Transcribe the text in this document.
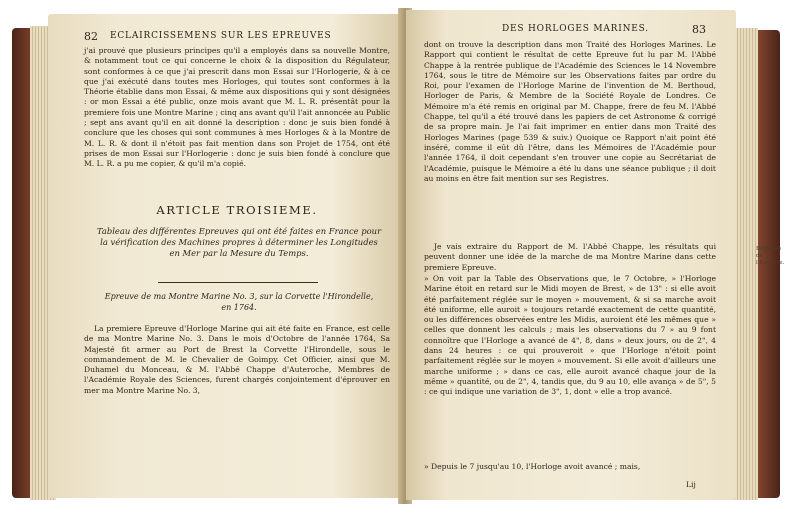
82 ECLAIRCISSEMENS SUR LES EPREUVES

j'ai prouvé que plusieurs principes qu'il a employés dans sa nouvelle Montre, & notamment tout ce qui concerne le choix & la disposition du Régulateur, sont conformes à ce que j'ai prescrit dans mon Essai sur l'Horlogerie, & à ce que j'ai exécuté dans toutes mes Horloges, qui toutes sont conformes à la Théorie établie dans mon Essai, & même aux dispositions qui y sont désignées : or mon Essai a été public, onze mois avant que M. L. R. présentât pour la premiere fois une Montre Marine ; cinq ans avant qu'il l'ait annoncée au Public ; sept ans avant qu'il en ait donné la description : donc je suis bien fondé à conclure que les choses qui sont communes à mes Horloges & à la Montre de M. L. R. & dont il n'étoit pas fait mention dans son Projet de 1754, ont été prises de mon Essai sur l'Horlogerie : donc je suis bien fondé à conclure que M. L. R. a pu me copier, & qu'il m'a copié.

ARTICLE TROISIEME.
Tableau des différentes Epreuves qui ont été faites en France pour la vérification des Machines propres à déterminer les Longitudes en Mer par la Mesure du Temps.
Epreuve de ma Montre Marine No. 3, sur la Corvette l'Hirondelle, en 1764.

La premiere Epreuve d'Horloge Marine qui ait été faite en France, est celle de ma Montre Marine No. 3. Dans le mois d'Octobre de l'année 1764, Sa Majesté fit armer au Port de Brest la Corvette l'Hirondelle, sous le commandement de M. le Chevalier de Goimpy. Cet Officier, ainsi que M. Duhamel du Monceau, & M. l'Abbé Chappe d'Auteroche, Membres de l'Académie Royale des Sciences, furent chargés conjointement d'éprouver en mer ma Montre Marine No. 3,

DES HORLOGES MARINES.	83

dont on trouve la description dans mon Traité des Horloges Marines. Le Rapport qui contient le résultat de cette Epreuve fut lu par M. l'Abbé Chappe à la rentrée publique de l'Académie des Sciences le 14 Novembre 1764, sous le titre de Mémoire sur les Observations faites par ordre du Roi, pour l'examen de l'Horloge Marine de l'invention de M. Berthoud, Horloger de Paris, & Membre de la Société Royale de Londres. Ce Mémoire m'a été remis en original par M. Chappe, frere de feu M. l'Abbé Chappe, tel qu'il a été trouvé dans les papiers de cet Astronome & corrigé de sa propre main. Je l'ai fait imprimer en entier dans mon Traité des Horloges Marines (page 539 & suiv.) Quoique ce Rapport n'ait point été inséré, comme il eût dû l'être, dans les Mémoires de l'Académie pour l'année 1764, il doit cependant s'en trouver une copie au Secrétariat de l'Académie, puisque le Mémoire a été lu dans une séance publique ; il doit au moins en être fait mention sur ses Registres.

Je vais extraire du Rapport de M. l'Abbé Chappe, les résultats qui peuvent donner une idée de la marche de ma Montre Marine dans cette premiere Epreuve.

» On voit par la Table des Observations que, le 7 Octobre, » l'Horloge Marine étoit en retard sur le Midi moyen de Brest, » de 13" : si elle avoit été parfaitement réglée sur le moyen » mouvement, & si sa marche avoit été uniforme, elle auroit » toujours retardé exactement de cette quantité, ou les différences observées entre les Midis, auroient été les mêmes que » celles que donnent les calculs ; mais les observations du 7 » au 9 font connoître que l'Horloge a avancé de 4", 8, dans » deux jours, ou de 2", 4 dans 24 heures : ce qui prouveroit » que l'Horloge n'étoit point parfaitement réglée sur le moyen » mouvement. Si elle avoit d'ailleurs une marche uniforme ; » dans ce cas, elle auroit avancé chaque jour de la même » quantité, ou de 2", 4, tandis que, du 9 au 10, elle avança » de 5", 5 : ce qui indique une variation de 3", 1, dont » elle a trop avancé.

» Depuis le 7 jusqu'au 10, l'Horloge avoit avancé ; mais,

Lij
Réfultats de l'Epreuve.
